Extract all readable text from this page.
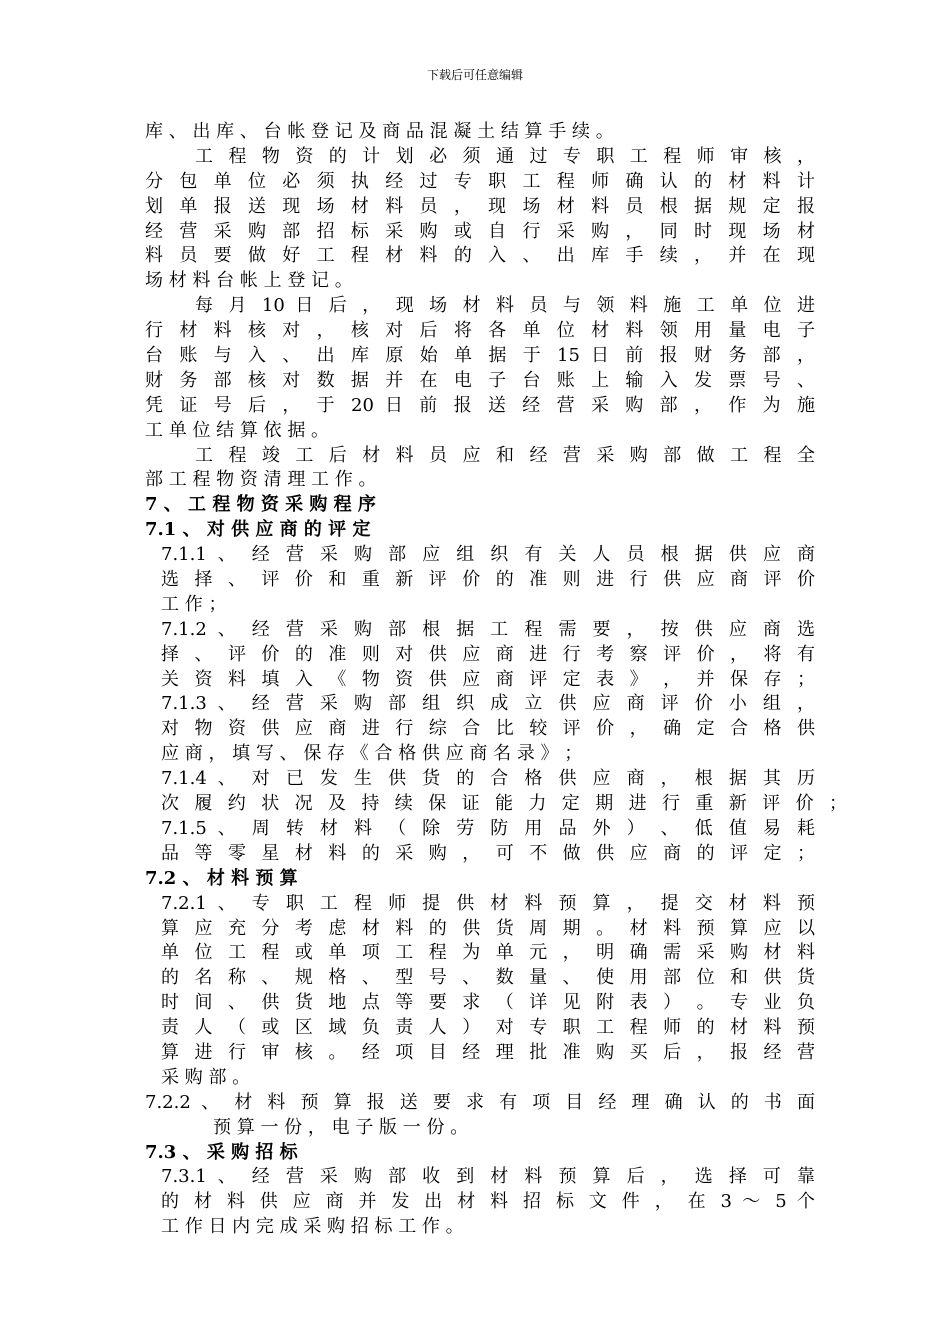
下载后可任意编辑
库 、 出 库 、 台 帐 登 记 及 商 品 混 凝 土 结 算 手 续 。
工 程 物 资 的 计 划 必 须 通 过 专 职 工 程 师 审 核 ，
分 包 单 位 必 须 执 经 过 专 职 工 程 师 确 认 的 材 料 计
划 单 报 送 现 场 材 料 员 ， 现 场 材 料 员 根 据 规 定 报
经 营 采 购 部 招 标 采 购 或 自 行 采 购 ， 同 时 现 场 材
料 员 要 做 好 工 程 材 料 的 入 、 出 库 手 续 ， 并 在 现
场 材 料 台 帐 上 登 记 。
每 月 10 日 后 ， 现 场 材 料 员 与 领 料 施 工 单 位 进
行 材 料 核 对 ， 核 对 后 将 各 单 位 材 料 领 用 量 电 子
台 账 与 入 、 出 库 原 始 单 据 于 15 日 前 报 财 务 部 ，
财 务 部 核 对 数 据 并 在 电 子 台 账 上 输 入 发 票 号 、
凭 证 号 后 ， 于 20 日 前 报 送 经 营 采 购 部 ， 作 为 施
工 单 位 结 算 依 据 。
工 程 竣 工 后 材 料 员 应 和 经 营 采 购 部 做 工 程 全
部 工 程 物 资 清 理 工 作 。
7 、 工 程 物 资 采 购 程 序
7.1 、 对 供 应 商 的 评 定
7.1.1 、 经 营 采 购 部 应 组 织 有 关 人 员 根 据 供 应 商
选 择 、 评 价 和 重 新 评 价 的 准 则 进 行 供 应 商 评 价
工 作 ；
7.1.2 、 经 营 采 购 部 根 据 工 程 需 要 ， 按 供 应 商 选
择 、 评 价 的 准 则 对 供 应 商 进 行 考 察 评 价 ， 将 有
关 资 料 填 入 《 物 资 供 应 商 评 定 表 》 ， 并 保 存 ；
7.1.3 、 经 营 采 购 部 组 织 成 立 供 应 商 评 价 小 组 ，
对 物 资 供 应 商 进 行 综 合 比 较 评 价 ， 确 定 合 格 供
应 商 ， 填 写 、 保 存 《 合 格 供 应 商 名 录 》 ；
7.1.4 、 对 已 发 生 供 货 的 合 格 供 应 商 ， 根 据 其 历
次 履 约 状 况 及 持 续 保 证 能 力 定 期 进 行 重 新 评 价 ；
7.1.5 、 周 转 材 料 （ 除 劳 防 用 品 外 ） 、 低 值 易 耗
品 等 零 星 材 料 的 采 购 ， 可 不 做 供 应 商 的 评 定 ；
7.2 、 材 料 预 算
7.2.1 、 专 职 工 程 师 提 供 材 料 预 算 ， 提 交 材 料 预
算 应 充 分 考 虑 材 料 的 供 货 周 期 。 材 料 预 算 应 以
单 位 工 程 或 单 项 工 程 为 单 元 ， 明 确 需 采 购 材 料
的 名 称 、 规 格 、 型 号 、 数 量 、 使 用 部 位 和 供 货
时 间 、 供 货 地 点 等 要 求 （ 详 见 附 表 ） 。 专 业 负
责 人 （ 或 区 域 负 责 人 ） 对 专 职 工 程 师 的 材 料 预
算 进 行 审 核 。 经 项 目 经 理 批 准 购 买 后 ， 报 经 营
采 购 部 。
7.2.2 、 材 料 预 算 报 送 要 求 有 项 目 经 理 确 认 的 书 面
预 算 一 份 ， 电 子 版 一 份 。
7.3 、 采 购 招 标
7.3.1 、 经 营 采 购 部 收 到 材 料 预 算 后 ， 选 择 可 靠
的 材 料 供 应 商 并 发 出 材 料 招 标 文 件 ， 在 3 ～ 5 个
工 作 日 内 完 成 采 购 招 标 工 作 。
